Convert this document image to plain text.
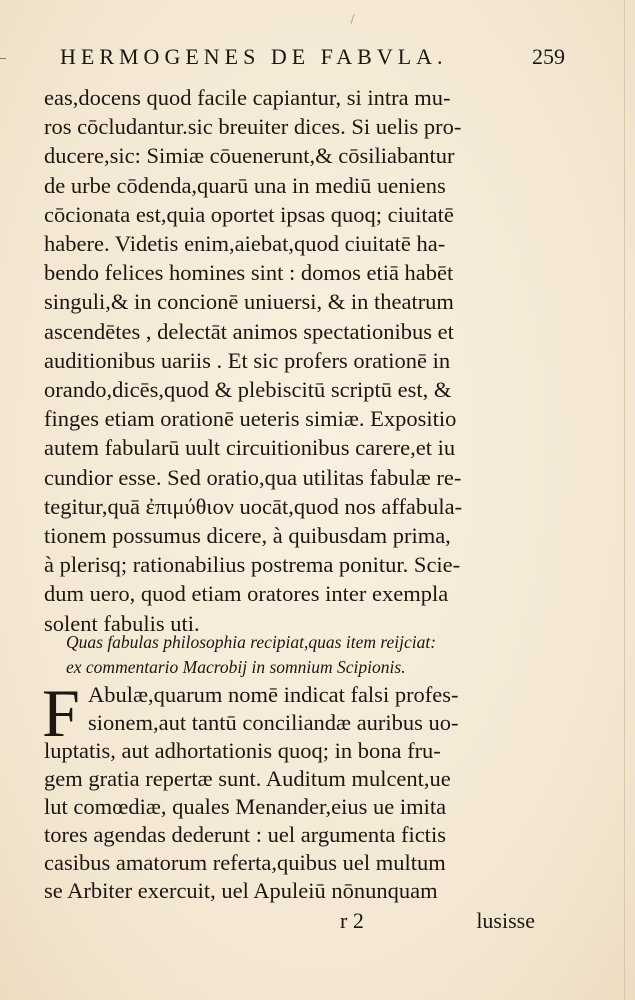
HERMOGENES DE FABVLA.	259
eas,docens quod facile capiantur, si intra mu-
ros cōcludantur.sic breuiter dices. Si uelis pro-
ducere,sic: Simiæ cōuenerunt,& cōsiliabantur
de urbe cōdenda,quarū una in mediū ueniens
cōcionata est,quia oportet ipsas quoq; ciuitatē
habere. Videtis enim,aiebat,quod ciuitatē ha-
bendo felices homines sint : domos etiā habēt
singuli,& in concionē uniuersi, & in theatrum
ascendētes , delectāt animos spectationibus et
auditionibus uariis . Et sic profers orationē in
orando,dicēs,quod & plebiscitū scriptū est, &
finges etiam orationē ueteris simiæ. Expositio
autem fabularū uult circuitionibus carere,et iu
cundior esse. Sed oratio,qua utilitas fabulæ re-
tegitur,quā ἐπιμύθιον uocāt,quod nos affabula-
tionem possumus dicere, à quibusdam prima,
à plerisq; rationabilius postrema ponitur. Scie-
dum uero, quod etiam oratores inter exempla
solent fabulis uti.
Quas fabulas philosophia recipiat,quas item reijciat:
ex commentario Macrobij in somnium Scipionis.
F Abulæ,quarum nomē indicat falsi profes-
sionem,aut tantū conciliandæ auribus uo-
luptatis, aut adhortationis quoq; in bona fru-
gem gratia repertæ sunt. Auditum mulcent,ue
lut comœdiæ, quales Menander,eius ue imita
tores agendas dederunt : uel argumenta fictis
casibus amatorum referta,quibus uel multum
se Arbiter exercuit, uel Apuleiū nōnunquam
r 2	lusisse
